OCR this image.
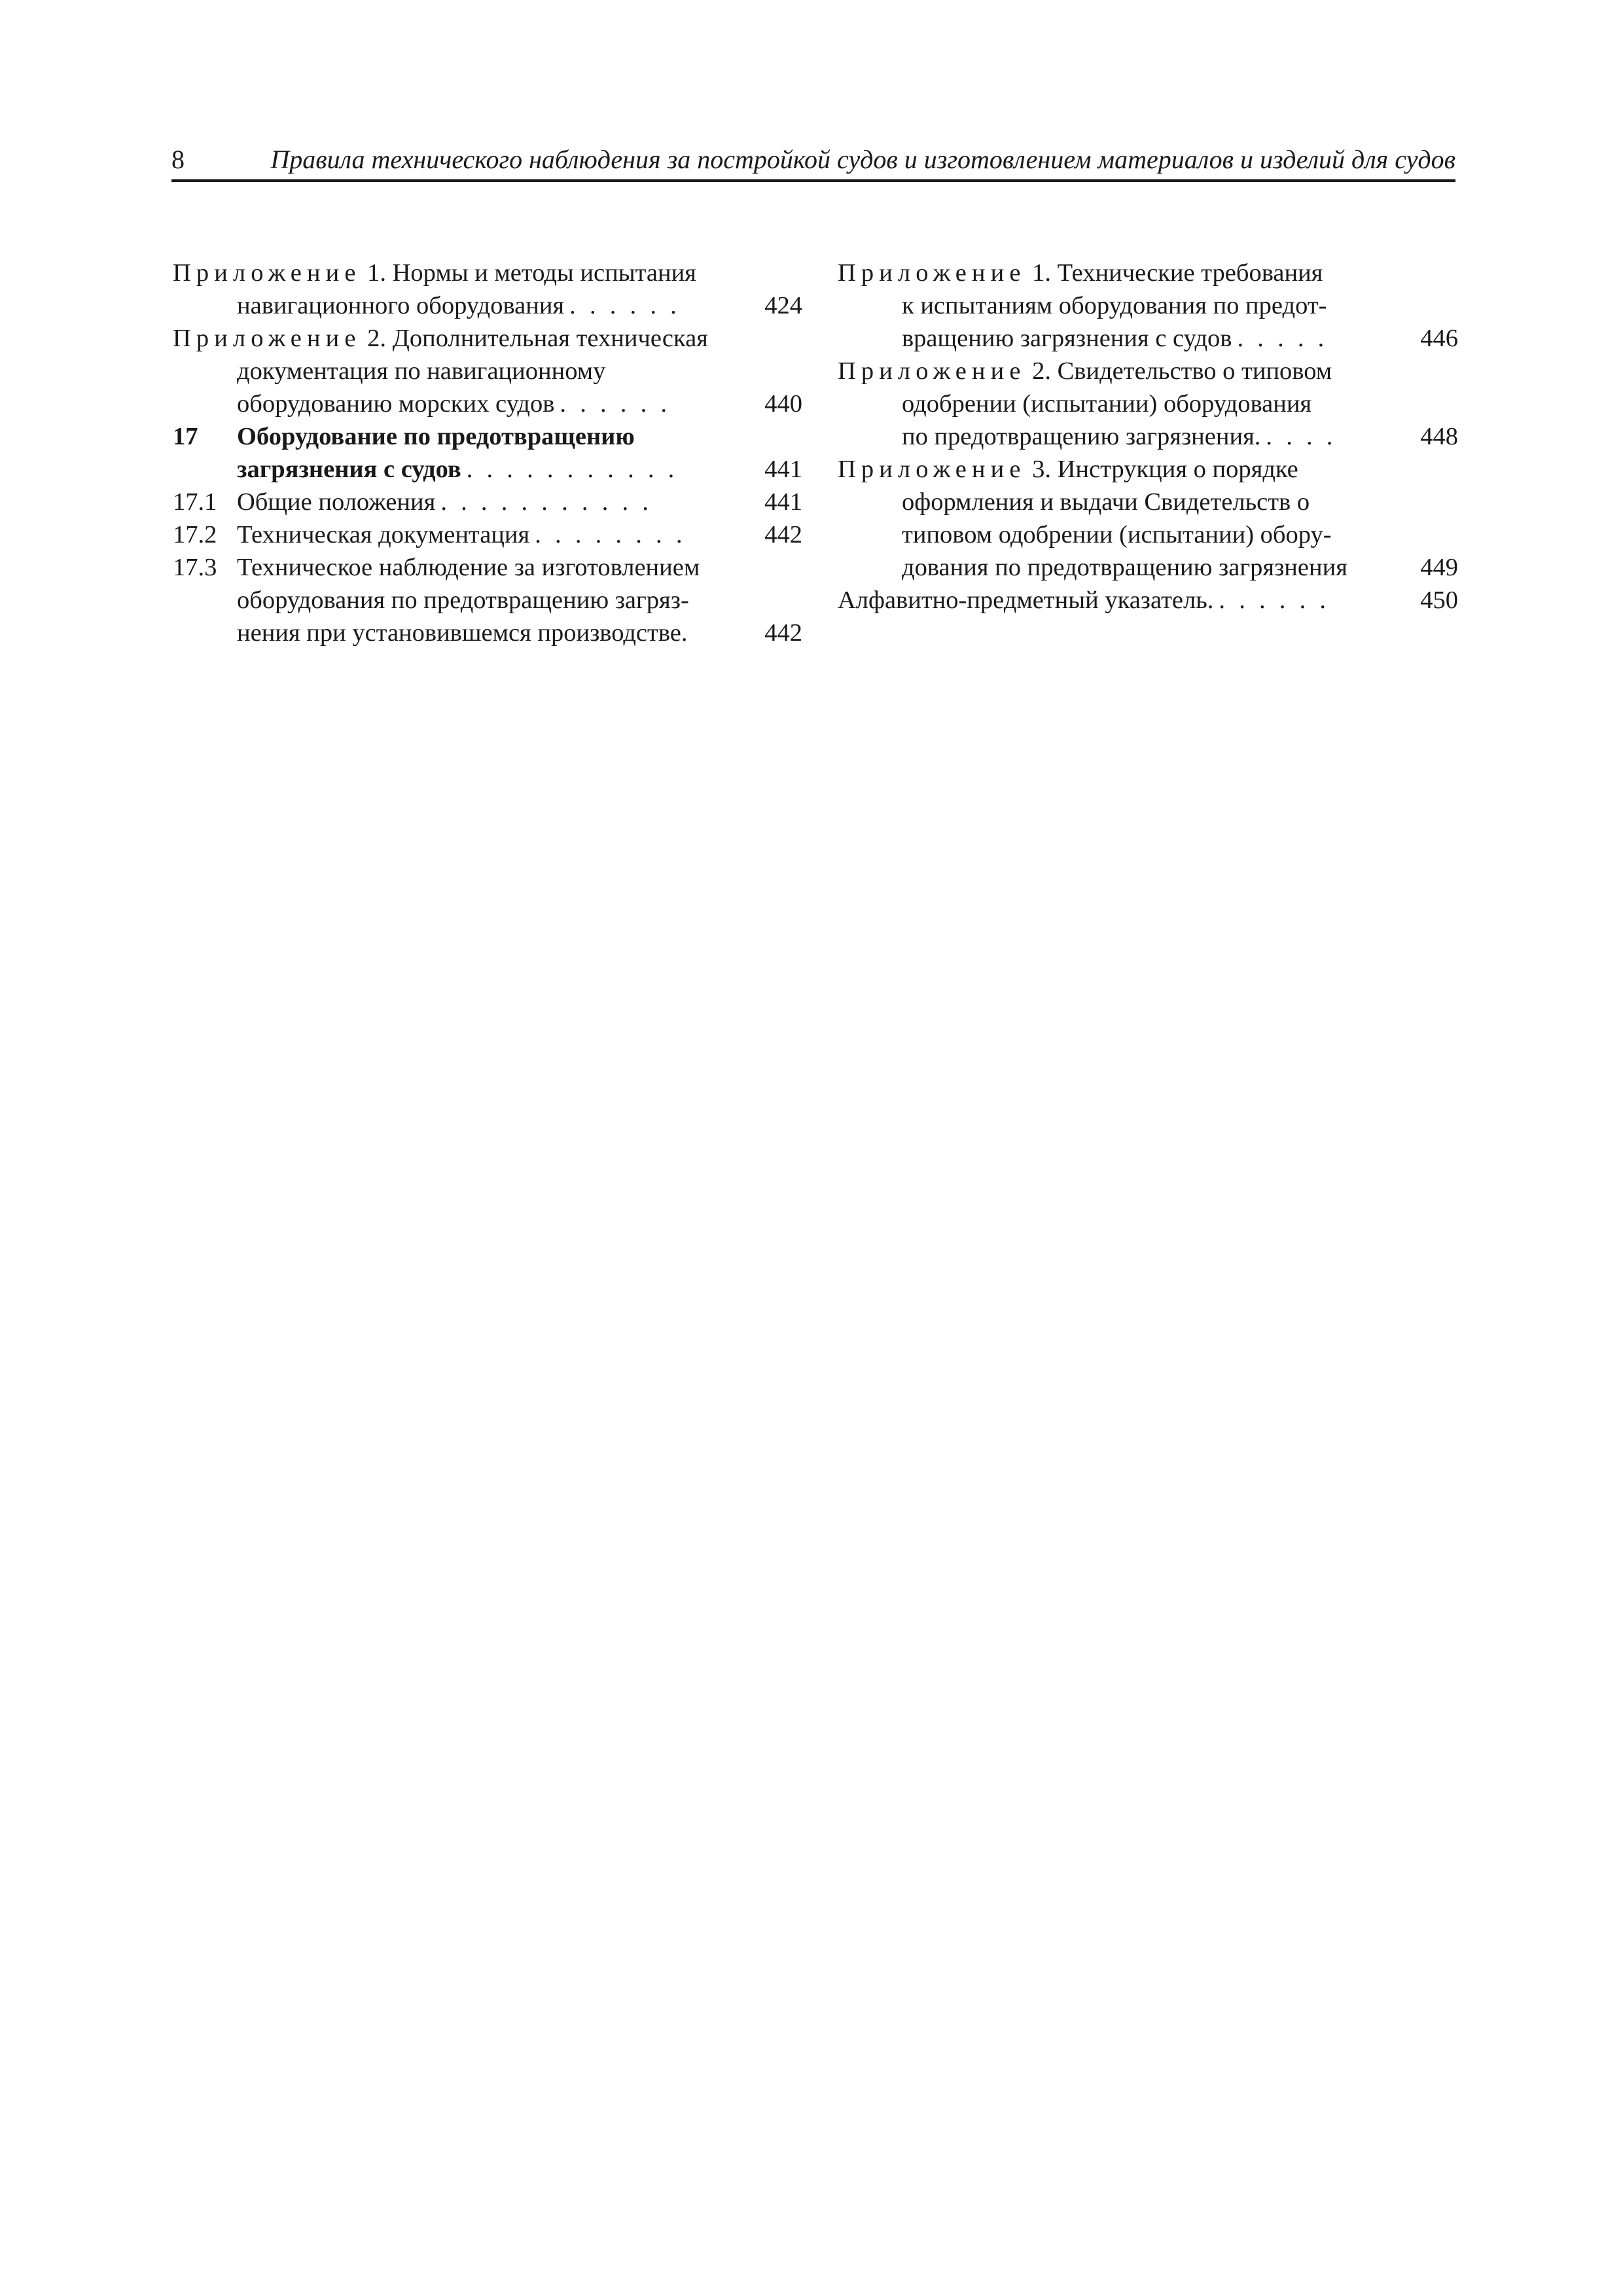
8	Правила технического наблюдения за постройкой судов и изготовлением материалов и изделий для судов
Приложение 1. Нормы и методы испытания
навигационного оборудования ......	424
Приложение 2. Дополнительная техническая
документация по навигационному
оборудованию морских судов ......	440
17	Оборудование по предотвращению
загрязнения с судов ...........	441
17.1 Общие положения ...........	441
17.2 Техническая документация ........	442
17.3 Техническое наблюдение за изготовлением
оборудования по предотвращению загряз-
нения при установившемся производстве.	442
Приложение 1. Технические требования
к испытаниям оборудования по предот-
вращению загрязнения с судов .....	446
Приложение 2. Свидетельство о типовом
одобрении (испытании) оборудования
по предотвращению загрязнения. ....	448
Приложение 3. Инструкция о порядке
оформления и выдачи Свидетельств о
типовом одобрении (испытании) обору-
дования по предотвращению загрязнения	449
Алфавитно-предметный указатель. ......	450
